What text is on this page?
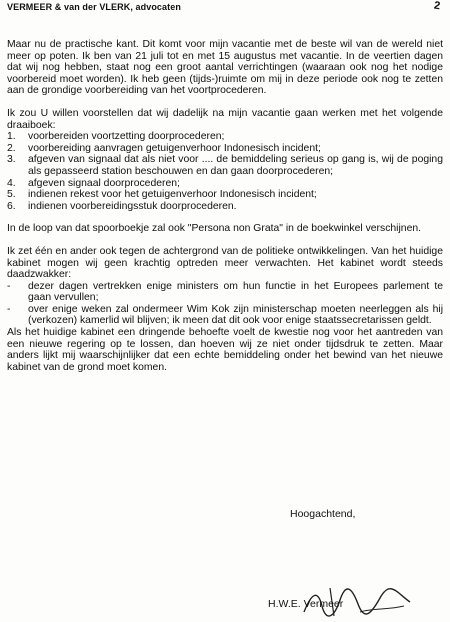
VERMEER & van der VLERK, advocaten	2

Maar nu de practische kant. Dit komt voor mijn vacantie met de beste wil van de wereld niet meer op poten. Ik ben van 21 juli tot en met 15 augustus met vacantie. In de veertien dagen dat wij nog hebben, staat nog een groot aantal verrichtingen (waaraan ook nog het nodige voorbereid moet worden). Ik heb geen (tijds-)ruimte om mij in deze periode ook nog te zetten aan de grondige voorbereiding van het voortprocederen.

Ik zou U willen voorstellen dat wij dadelijk na mijn vacantie gaan werken met het volgende draaiboek:

1. voorbereiden voortzetting doorprocederen;
2. voorbereiding aanvragen getuigenverhoor Indonesisch incident;
3. afgeven van signaal dat als niet voor .... de bemiddeling serieus op gang is, wij de poging als gepasseerd station beschouwen en dan gaan doorprocederen;
4. afgeven signaal doorprocederen;
5. indienen rekest voor het getuigenverhoor Indonesisch incident;
6. indienen voorbereidingsstuk doorprocederen.

In de loop van dat spoorboekje zal ook "Persona non Grata" in de boekwinkel verschijnen.

Ik zet één en ander ook tegen de achtergrond van de politieke ontwikkelingen. Van het huidige kabinet mogen wij geen krachtig optreden meer verwachten. Het kabinet wordt steeds daadzwakker:

- dezer dagen vertrekken enige ministers om hun functie in het Europees parlement te gaan vervullen;
- over enige weken zal ondermeer Wim Kok zijn ministerschap moeten neerleggen als hij (verkozen) kamerlid wil blijven; ik meen dat dit ook voor enige staatssecretarissen geldt.

Als het huidige kabinet een dringende behoefte voelt de kwestie nog voor het aantreden van een nieuwe regering op te lossen, dan hoeven wij ze niet onder tijdsdruk te zetten. Maar anders lijkt mij waarschijnlijker dat een echte bemiddeling onder het bewind van het nieuwe kabinet van de grond moet komen.

Hoogachtend,
H.W.E. Vermeer
